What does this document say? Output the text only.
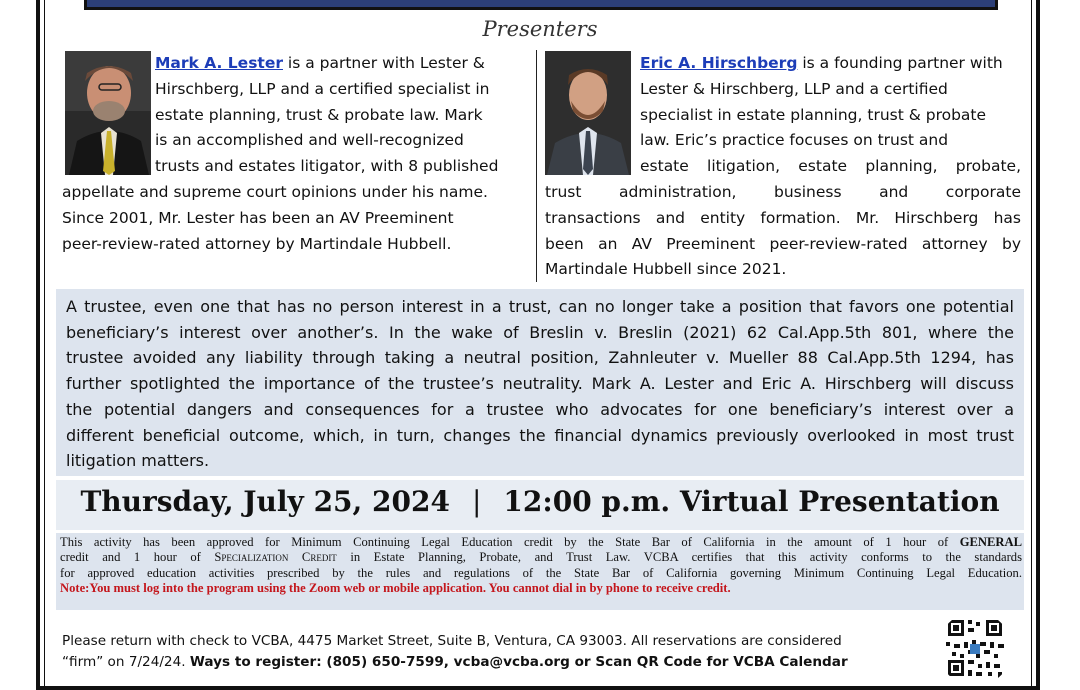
Presenters
Mark A. Lester is a partner with Lester &
Hirschberg, LLP and a certified specialist in
estate planning, trust & probate law. Mark
is an accomplished and well-recognized
trusts and estates litigator, with 8 published
appellate and supreme court opinions under his name.
Since 2001, Mr. Lester has been an AV Preeminent
peer-review-rated attorney by Martindale Hubbell.
Eric A. Hirschberg is a founding partner with
Lester & Hirschberg, LLP and a certified
specialist in estate planning, trust & probate
law. Eric’s practice focuses on trust and
estate litigation, estate planning, probate,
trust administration, business and corporate
transactions and entity formation. Mr. Hirschberg has
been an AV Preeminent peer-review-rated attorney by
Martindale Hubbell since 2021.
A trustee, even one that has no person interest in a trust, can no longer take a position that favors one potential
beneficiary’s interest over another’s. In the wake of Breslin v. Breslin (2021) 62 Cal.App.5th 801, where the
trustee avoided any liability through taking a neutral position, Zahnleuter v. Mueller 88 Cal.App.5th 1294, has
further spotlighted the importance of the trustee’s neutrality. Mark A. Lester and Eric A. Hirschberg will discuss
the potential dangers and consequences for a trustee who advocates for one beneficiary’s interest over a
different beneficial outcome, which, in turn, changes the financial dynamics previously overlooked in most trust
litigation matters.
Thursday, July 25, 2024 | 12:00 p.m. Virtual Presentation
This activity has been approved for Minimum Continuing Legal Education credit by the State Bar of California in the amount of 1 hour of GENERAL
credit and 1 hour of Specialization Credit in Estate Planning, Probate, and Trust Law. VCBA certifies that this activity conforms to the standards
for approved education activities prescribed by the rules and regulations of the State Bar of California governing Minimum Continuing Legal Education.
Note:You must log into the program using the Zoom web or mobile application. You cannot dial in by phone to receive credit.
Please return with check to VCBA, 4475 Market Street, Suite B, Ventura, CA 93003. All reservations are considered
“firm” on 7/24/24. Ways to register: (805) 650-7599, vcba@vcba.org or Scan QR Code for VCBA Calendar
